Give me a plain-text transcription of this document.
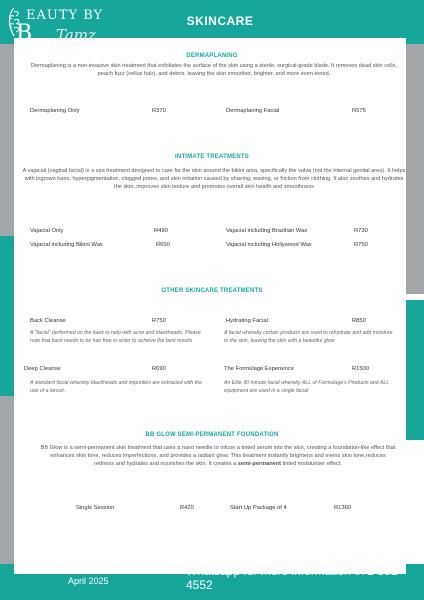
B
EAUTY BY
Tamz
SKINCARE
DERMAPLANING
Dermaplaning is a non-invasive skin treatment that exfoliates the surface of the skin using a sterile, surgical-grade blade. It removes dead skin cells, peach fuzz (vellus hair), and debris, leaving the skin smoother, brighter, and more even-toned.
Dermaplaning Only	R370	Dermaplaning Facial	R575
INTIMATE TREATMENTS
A vajacial (vaginal facial) is a spa treatment designed to care for the skin around the bikini area, specifically the vulva (not the internal genital area). It helps with ingrown hairs, hyperpigmentation, clogged pores, and skin irritation caused by shaving, waxing, or friction from clothing. It also soothes and hydrates the skin, improves skin texture and promotes overall skin health and smoothness
Vajacial Only	R490	Vajacial including Brazilian Wax	R730
Vajacial including Bikini Wax	R650	Vajacial including Hollywood Wax	R750
OTHER SKINCARE TREATMENTS
Back Cleanse	R750	Hydrating Facial	R850
A "facial" performed on the back to help with acne and blackheads. Please note that back needs to be hair free in order to achieve the best results
A facial whereby certain products are used to rehydrate and add moisture to the skin, leaving the skin with a beautiful glow
Deep Cleanse	R690	The Formulage Experience	R1500
A standard facial whereby blackheads and impurities are extracted with the use of a lancet.
An Elite 90 minute facial whereby ALL of Formulage's Products and ALL equipment are used in a single facial
BB GLOW SEMI-PERMANENT FOUNDATION
BB Glow is a semi-permanent skin treatment that uses a nano needle to infuse a tinted serum into the skin, creating a foundation-like effect that enhances skin tone, reduces imperfections, and provides a radiant glow. This treatment instantly brightens and evens skin tone,reduces redness and hydrates and nourishes the skin. It creates a semi-permanent tinted moisturiser effect.
Single Session	R420	Start Up Package of 4	R1360
April 2025
Whatsapp for more information 072 591 4552
